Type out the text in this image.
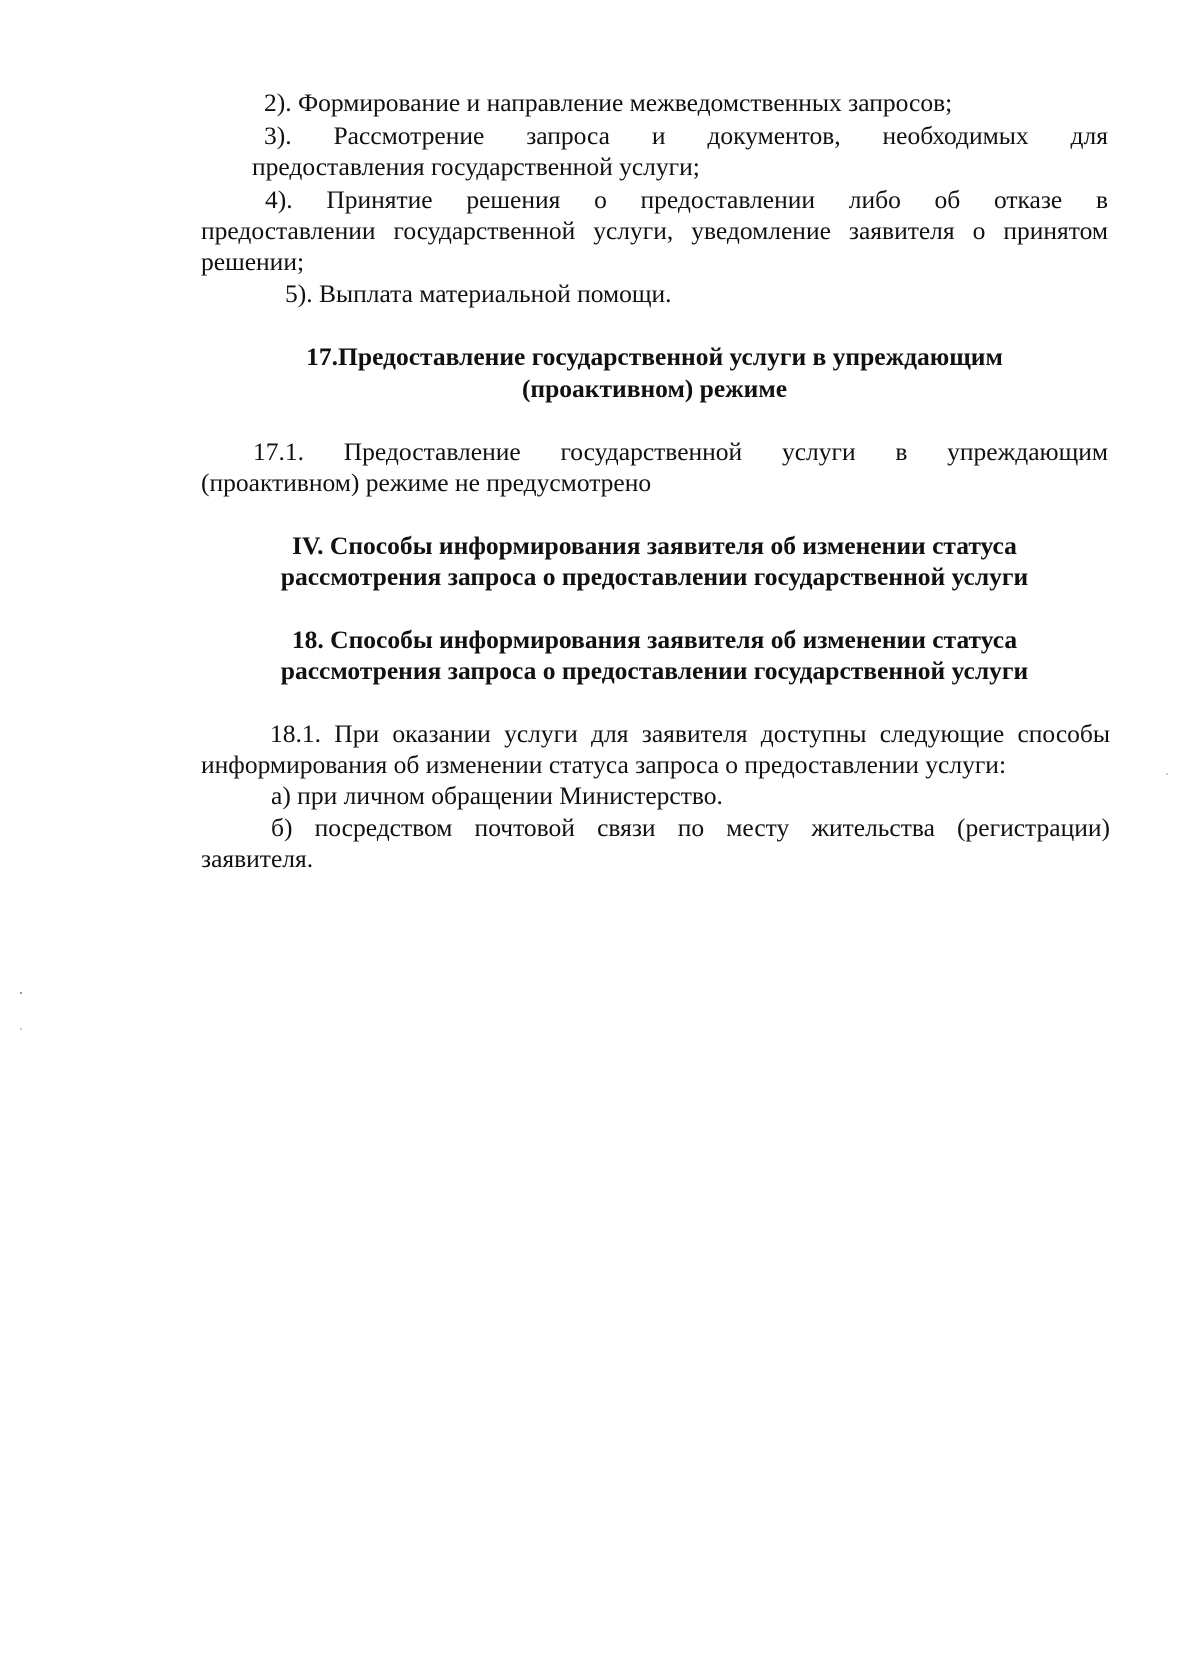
2). Формирование и направление межведомственных запросов;
3). Рассмотрение запроса и документов, необходимых для
предоставления государственной услуги;
4). Принятие решения о предоставлении либо об отказе в
предоставлении государственной услуги, уведомление заявителя о принятом
решении;
5). Выплата материальной помощи.
17.Предоставление государственной услуги в упреждающим
(проактивном) режиме
17.1. Предоставление государственной услуги в упреждающим
(проактивном) режиме не предусмотрено
IV. Способы информирования заявителя об изменении статуса
рассмотрения запроса о предоставлении государственной услуги
18. Способы информирования заявителя об изменении статуса
рассмотрения запроса о предоставлении государственной услуги
18.1. При оказании услуги для заявителя доступны следующие способы
информирования об изменении статуса запроса о предоставлении услуги:
а) при личном обращении Министерство.
б) посредством почтовой связи по месту жительства (регистрации)
заявителя.
